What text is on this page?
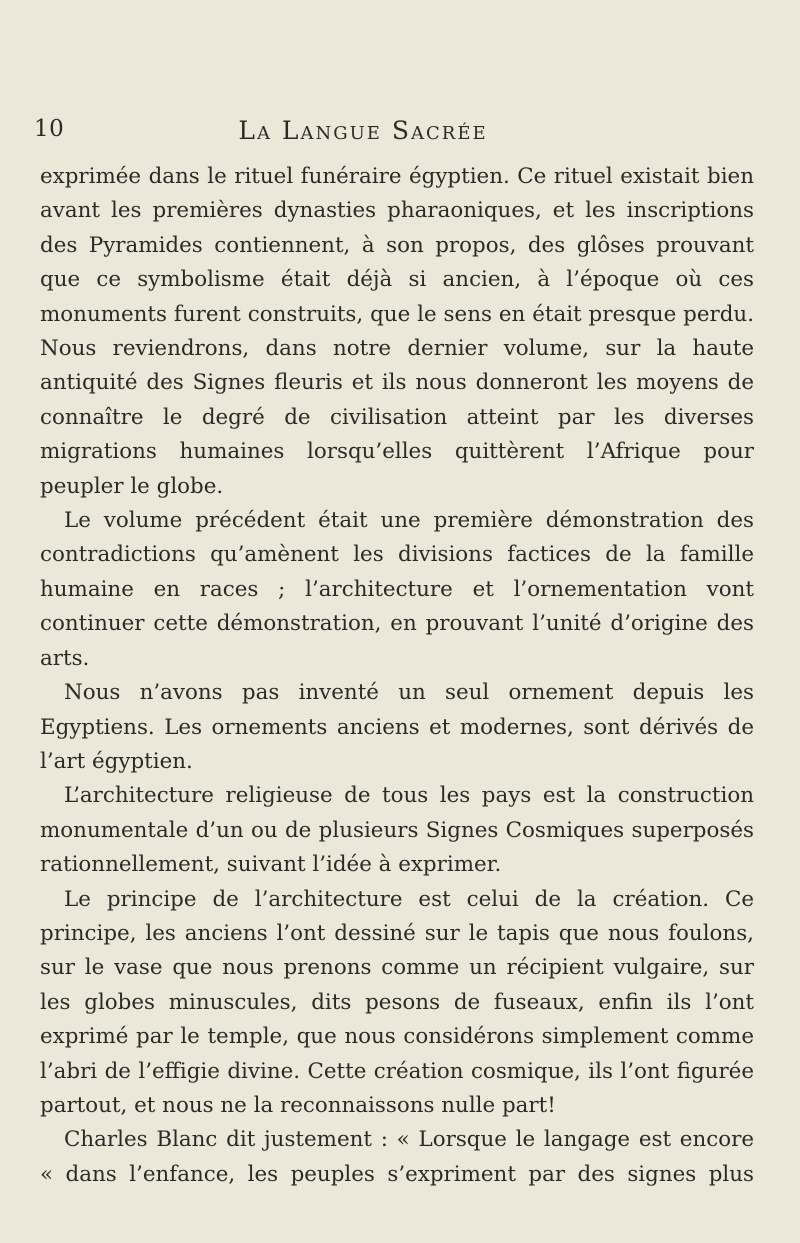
10	La Langue Sacrée

exprimée dans le rituel funéraire égyptien. Ce rituel existait bien avant les premières dynasties pharaoniques, et les inscriptions des Pyramides contiennent, à son propos, des glôses prouvant que ce symbolisme était déjà si ancien, à l’époque où ces monuments furent construits, que le sens en était presque perdu. Nous reviendrons, dans notre dernier volume, sur la haute antiquité des Signes fleuris et ils nous donneront les moyens de connaître le degré de civilisation atteint par les diverses migrations humaines lorsqu’elles quittèrent l’Afrique pour peupler le globe.

Le volume précédent était une première démonstration des contradictions qu’amènent les divisions factices de la famille humaine en races ; l’architecture et l’ornementation vont continuer cette démonstration, en prouvant l’unité d’origine des arts.

Nous n’avons pas inventé un seul ornement depuis les Egyptiens. Les ornements anciens et modernes, sont dérivés de l’art égyptien.

L’architecture religieuse de tous les pays est la construction monumentale d’un ou de plusieurs Signes Cosmiques superposés rationnellement, suivant l’idée à exprimer.

Le principe de l’architecture est celui de la création. Ce principe, les anciens l’ont dessiné sur le tapis que nous foulons, sur le vase que nous prenons comme un récipient vulgaire, sur les globes minuscules, dits pesons de fuseaux, enfin ils l’ont exprimé par le temple, que nous considérons simplement comme l’abri de l’effigie divine. Cette création cosmique, ils l’ont figurée partout, et nous ne la reconnaissons nulle part!

Charles Blanc dit justement : « Lorsque le langage est encore « dans l’enfance, les peuples s’expriment par des signes plus
